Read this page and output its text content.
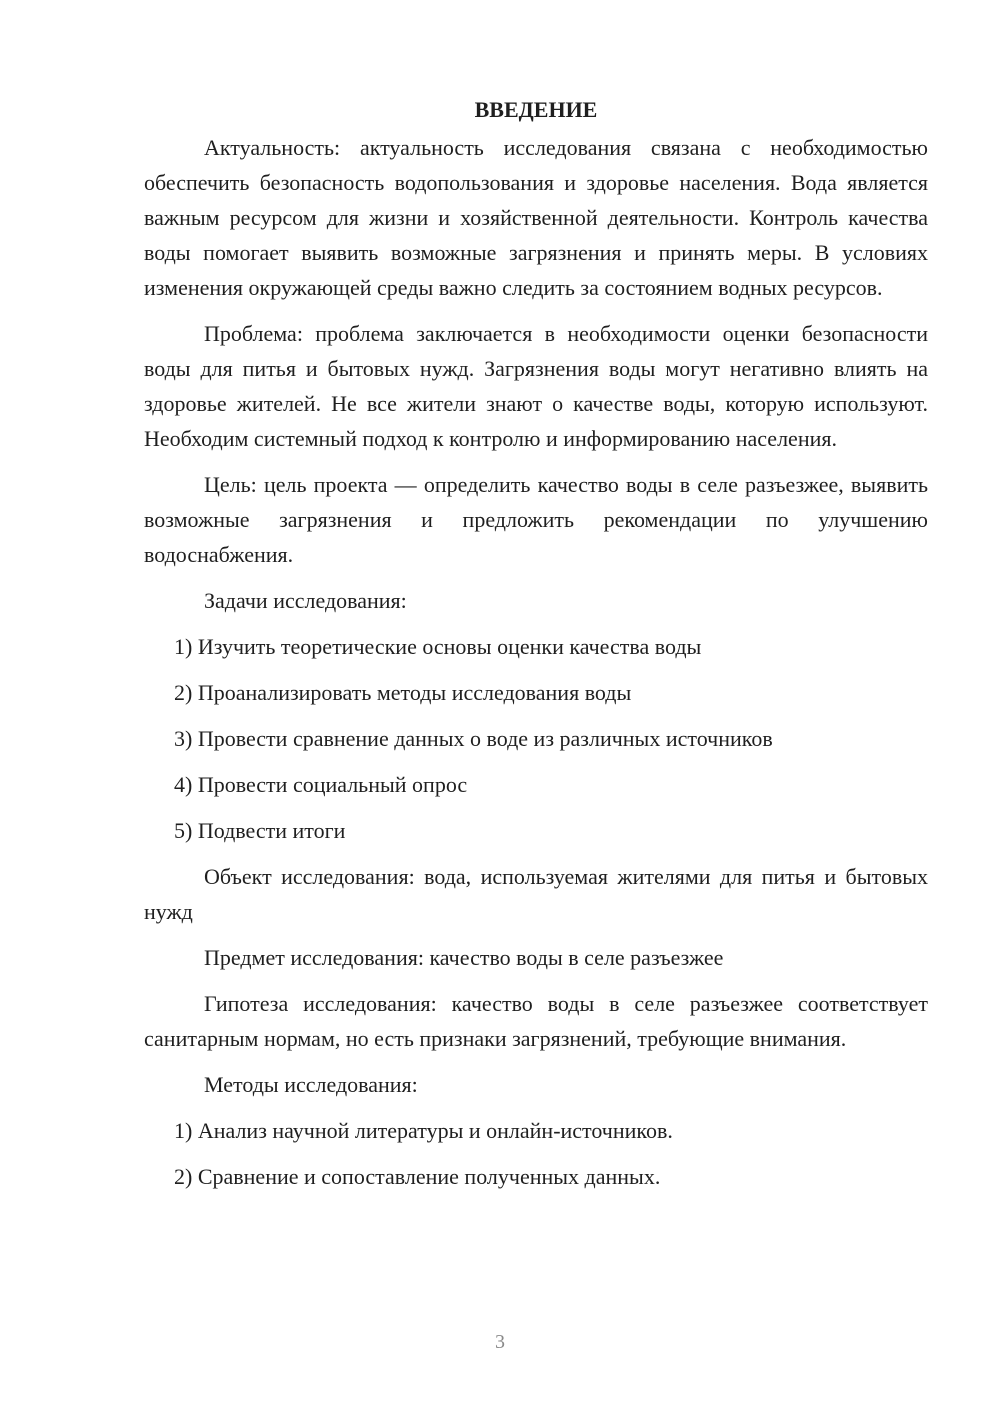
ВВЕДЕНИЕ

Актуальность: актуальность исследования связана с необходимостью обеспечить безопасность водопользования и здоровье населения. Вода является важным ресурсом для жизни и хозяйственной деятельности. Контроль качества воды помогает выявить возможные загрязнения и принять меры. В условиях изменения окружающей среды важно следить за состоянием водных ресурсов.

Проблема: проблема заключается в необходимости оценки безопасности воды для питья и бытовых нужд. Загрязнения воды могут негативно влиять на здоровье жителей. Не все жители знают о качестве воды, которую используют. Необходим системный подход к контролю и информированию населения.

Цель: цель проекта — определить качество воды в селе разъезжее, выявить возможные загрязнения и предложить рекомендации по улучшению водоснабжения.

Задачи исследования:
1) Изучить теоретические основы оценки качества воды
2) Проанализировать методы исследования воды
3) Провести сравнение данных о воде из различных источников
4) Провести социальный опрос
5) Подвести итоги

Объект исследования: вода, используемая жителями для питья и бытовых нужд

Предмет исследования: качество воды в селе разъезжее

Гипотеза исследования: качество воды в селе разъезжее соответствует санитарным нормам, но есть признаки загрязнений, требующие внимания.

Методы исследования:
1) Анализ научной литературы и онлайн-источников.
2) Сравнение и сопоставление полученных данных.
3
